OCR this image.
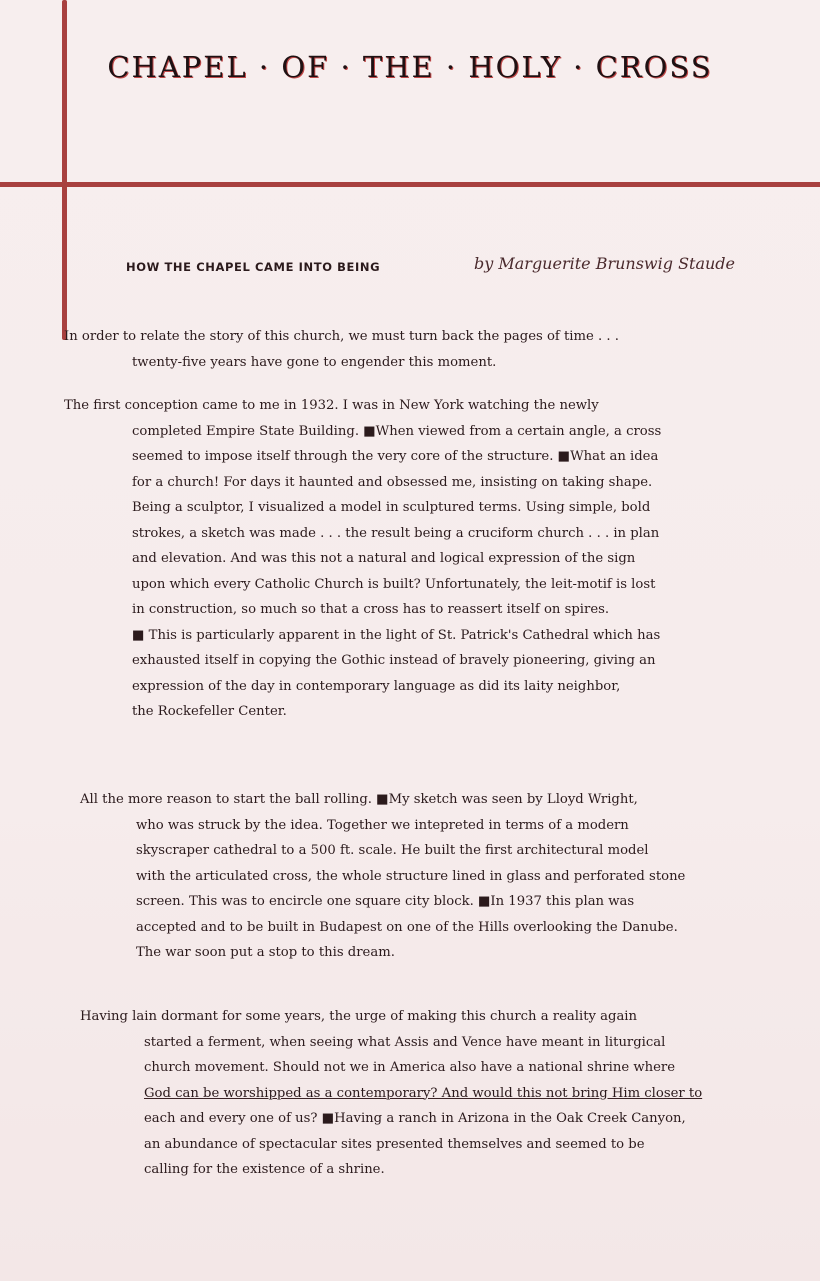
CHAPEL · OF · THE · HOLY · CROSS
HOW THE CHAPEL CAME INTO BEING	by Marguerite Brunswig Staude

In order to relate the story of this church, we must turn back the pages of time . . .
twenty-five years have gone to engender this moment.

The first conception came to me in 1932. I was in New York watching the newly
completed Empire State Building. ■When viewed from a certain angle, a cross
seemed to impose itself through the very core of the structure. ■What an idea
for a church! For days it haunted and obsessed me, insisting on taking shape.
Being a sculptor, I visualized a model in sculptured terms. Using simple, bold
strokes, a sketch was made . . . the result being a cruciform church . . . in plan
and elevation. And was this not a natural and logical expression of the sign
upon which every Catholic Church is built? Unfortunately, the leit-motif is lost
in construction, so much so that a cross has to reassert itself on spires.
■ This is particularly apparent in the light of St. Patrick's Cathedral which has
exhausted itself in copying the Gothic instead of bravely pioneering, giving an
expression of the day in contemporary language as did its laity neighbor,
the Rockefeller Center.

All the more reason to start the ball rolling. ■My sketch was seen by Lloyd Wright,
who was struck by the idea. Together we intepreted in terms of a modern
skyscraper cathedral to a 500 ft. scale. He built the first architectural model
with the articulated cross, the whole structure lined in glass and perforated stone
screen. This was to encircle one square city block. ■In 1937 this plan was
accepted and to be built in Budapest on one of the Hills overlooking the Danube.
The war soon put a stop to this dream.

Having lain dormant for some years, the urge of making this church a reality again
started a ferment, when seeing what Assis and Vence have meant in liturgical
church movement. Should not we in America also have a national shrine where
God can be worshipped as a contemporary? And would this not bring Him closer to
each and every one of us? ■Having a ranch in Arizona in the Oak Creek Canyon,
an abundance of spectacular sites presented themselves and seemed to be
calling for the existence of a shrine.
